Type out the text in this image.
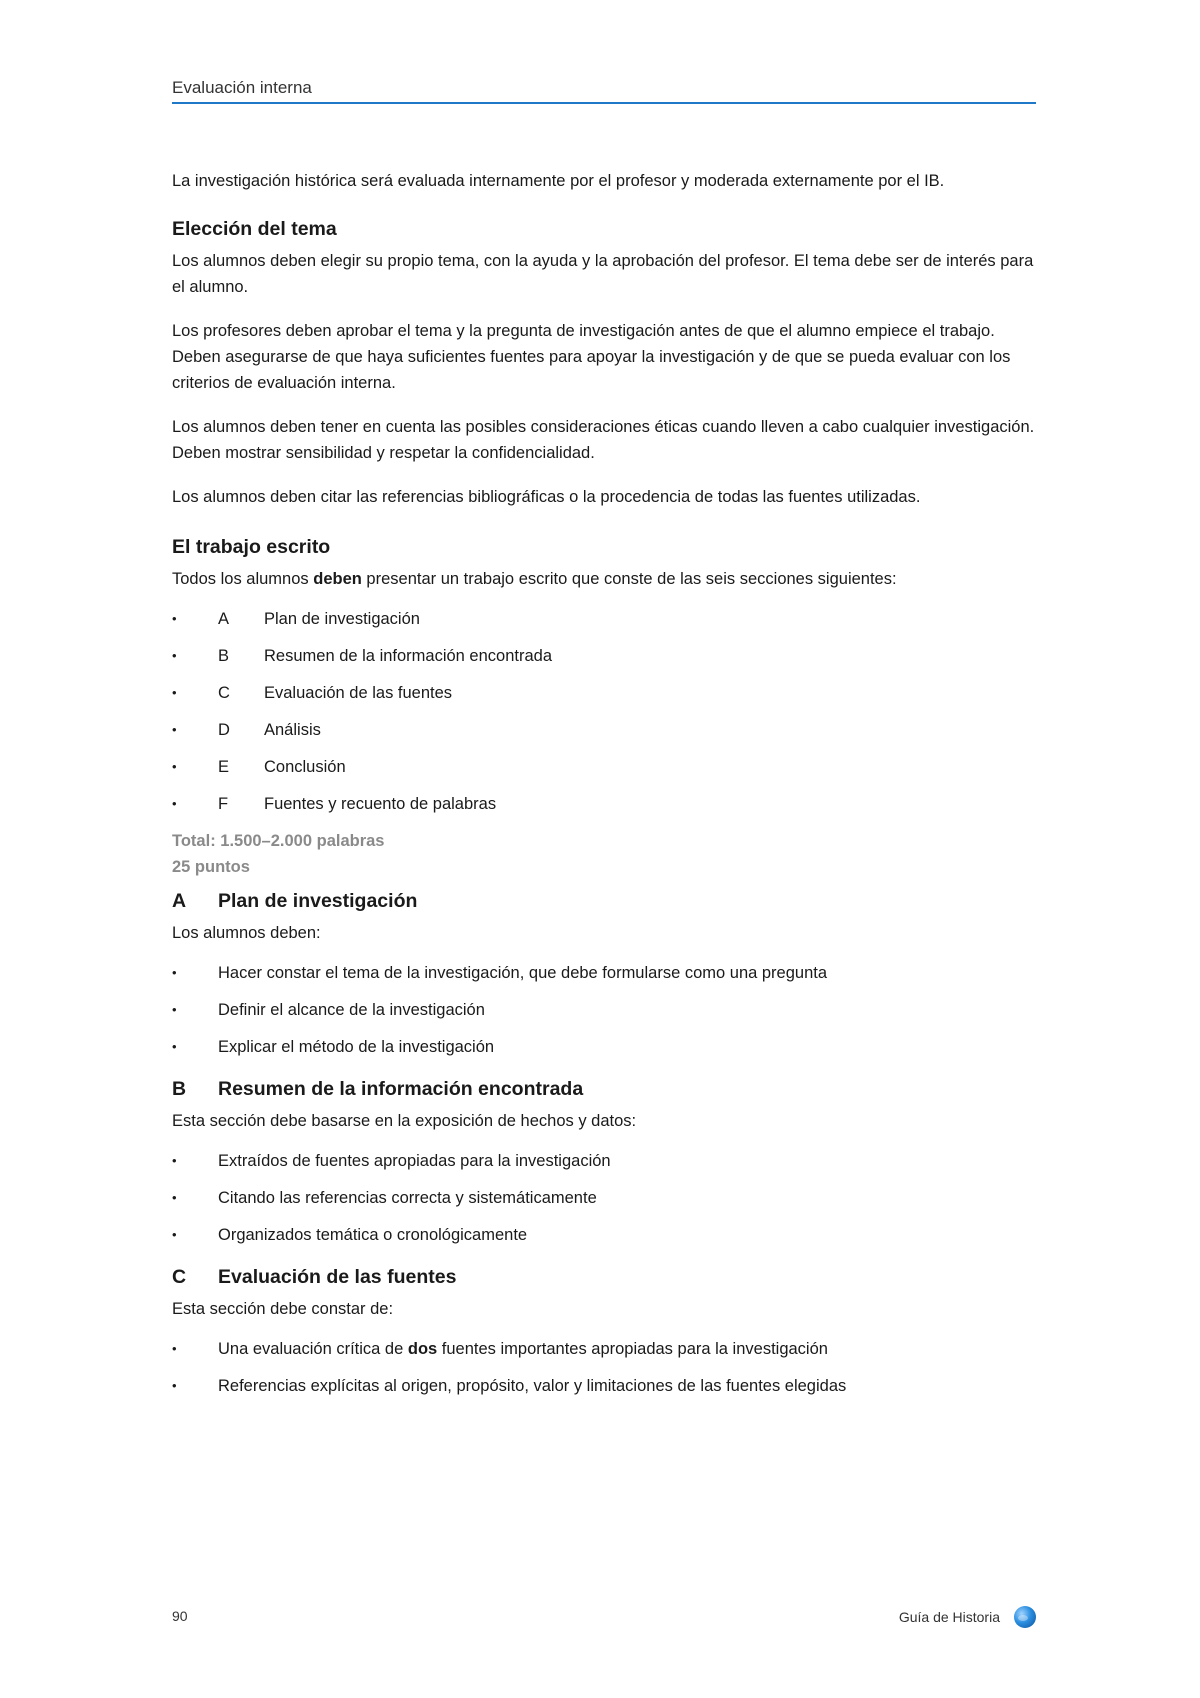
Evaluación interna

La investigación histórica será evaluada internamente por el profesor y moderada externamente por el IB.

Elección del tema

Los alumnos deben elegir su propio tema, con la ayuda y la aprobación del profesor. El tema debe ser de interés para el alumno.

Los profesores deben aprobar el tema y la pregunta de investigación antes de que el alumno empiece el trabajo. Deben asegurarse de que haya suficientes fuentes para apoyar la investigación y de que se pueda evaluar con los criterios de evaluación interna.

Los alumnos deben tener en cuenta las posibles consideraciones éticas cuando lleven a cabo cualquier investigación. Deben mostrar sensibilidad y respetar la confidencialidad.

Los alumnos deben citar las referencias bibliográficas o la procedencia de todas las fuentes utilizadas.

El trabajo escrito

Todos los alumnos deben presentar un trabajo escrito que conste de las seis secciones siguientes:

• A Plan de investigación
• B Resumen de la información encontrada
• C Evaluación de las fuentes
• D Análisis
• E Conclusión
• F Fuentes y recuento de palabras
Total: 1.500–2.000 palabras
25 puntos
A Plan de investigación

Los alumnos deben:

• Hacer constar el tema de la investigación, que debe formularse como una pregunta
• Definir el alcance de la investigación
• Explicar el método de la investigación
B Resumen de la información encontrada

Esta sección debe basarse en la exposición de hechos y datos:

• Extraídos de fuentes apropiadas para la investigación
• Citando las referencias correcta y sistemáticamente
• Organizados temática o cronológicamente
C Evaluación de las fuentes

Esta sección debe constar de:

• Una evaluación crítica de dos fuentes importantes apropiadas para la investigación
• Referencias explícitas al origen, propósito, valor y limitaciones de las fuentes elegidas
90	Guía de Historia
